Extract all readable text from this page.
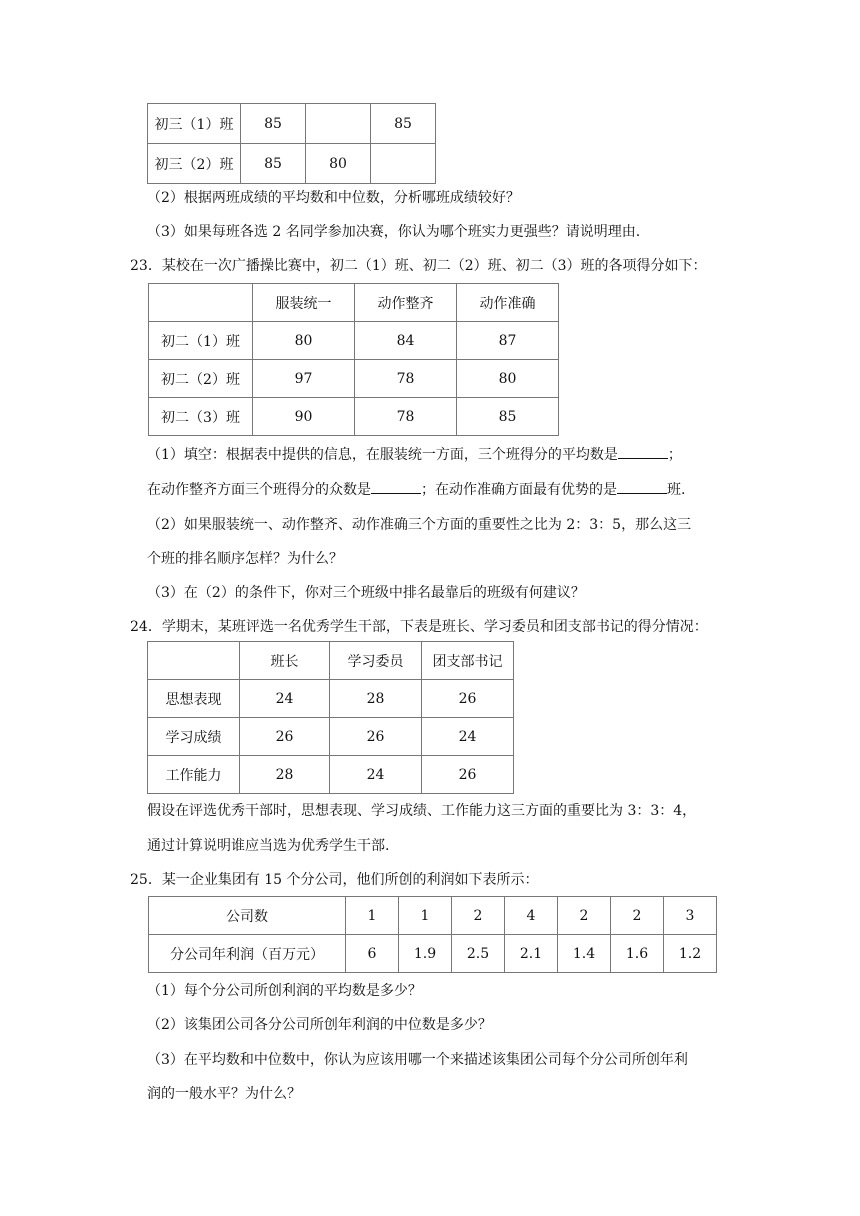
初三（1）班	85		85
初三（2）班	85	80	
（2）根据两班成绩的平均数和中位数，分析哪班成绩较好？
（3）如果每班各选 2 名同学参加决赛，你认为哪个班实力更强些？请说明理由.
23．某校在一次广播操比赛中，初二（1）班、初二（2）班、初二（3）班的各项得分如下：
	服装统一	动作整齐	动作准确
初二（1）班	80	84	87
初二（2）班	97	78	80
初二（3）班	90	78	85
（1）填空：根据表中提供的信息，在服装统一方面，三个班得分的平均数是	；
在动作整齐方面三个班得分的众数是	；在动作准确方面最有优势的是	班.
（2）如果服装统一、动作整齐、动作准确三个方面的重要性之比为 2：3：5，那么这三
个班的排名顺序怎样？为什么？
（3）在（2）的条件下，你对三个班级中排名最靠后的班级有何建议？
24．学期末，某班评选一名优秀学生干部，下表是班长、学习委员和团支部书记的得分情况：
	班长	学习委员	团支部书记
思想表现	24	28	26
学习成绩	26	26	24
工作能力	28	24	26
假设在评选优秀干部时，思想表现、学习成绩、工作能力这三方面的重要比为 3：3：4，
通过计算说明谁应当选为优秀学生干部.
25．某一企业集团有 15 个分公司，他们所创的利润如下表所示：
公司数	1	1	2	4	2	2	3
分公司年利润（百万元）	6	1.9	2.5	2.1	1.4	1.6	1.2
（1）每个分公司所创利润的平均数是多少？
（2）该集团公司各分公司所创年利润的中位数是多少？
（3）在平均数和中位数中，你认为应该用哪一个来描述该集团公司每个分公司所创年利
润的一般水平？为什么？
